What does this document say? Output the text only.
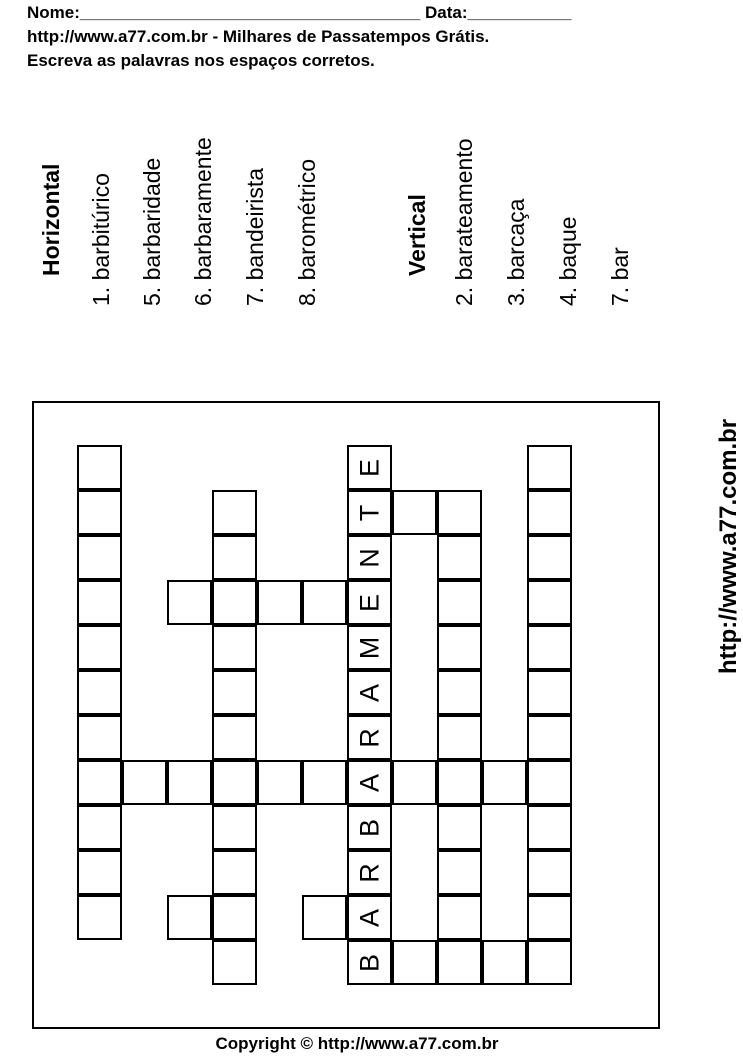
Nome:____________________________________ Data:___________
http://www.a77.com.br - Milhares de Passatempos Grátis.
Escreva as palavras nos espaços corretos.
Horizontal 1. barbitúrico 5. barbaridade 6. barbaramente 7. bandeirista 8. barométrico	Vertical 2. barateamento 3. barcaça 4. baque 7. bar
E
T
N
E
M
A
R
A
B
R
A
B
http://www.a77.com.br
Copyright © http://www.a77.com.br
